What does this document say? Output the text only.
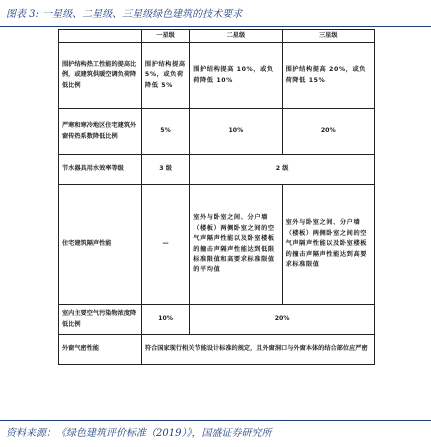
图表 3: 一星级、二星级、三星级绿色建筑的技术要求
	一星级	二星级	三星级
围护结构热工性能的提高比例，或建筑供暖空调负荷降低比例	围护结构提高 5%，或负荷降低 5%	围护结构提高 10%，或负荷降低 10%	围护结构提高 20%，或负荷降低 15%
严寒和寒冷地区住宅建筑外窗传热系数降低比例	5%	10%	20%
节水器具用水效率等级	3 级	2 级	
住宅建筑隔声性能	—	室外与卧室之间、分户墙（楼板）两侧卧室之间的空气声隔声性能以及卧室楼板的撞击声隔声性能达到低限标准限值和高要求标准限值的平均值	室外与卧室之间、分户墙（楼板）两侧卧室之间的空气声隔声性能以及卧室楼板的撞击声隔声性能达到高要求标准限值
室内主要空气污染物浓度降低比例	10%	20%	
外窗气密性能	符合国家现行相关节能设计标准的规定，且外窗洞口与外窗本体的结合部位应严密		
资料来源：《绿色建筑评价标准（2019）》，国盛证券研究所
